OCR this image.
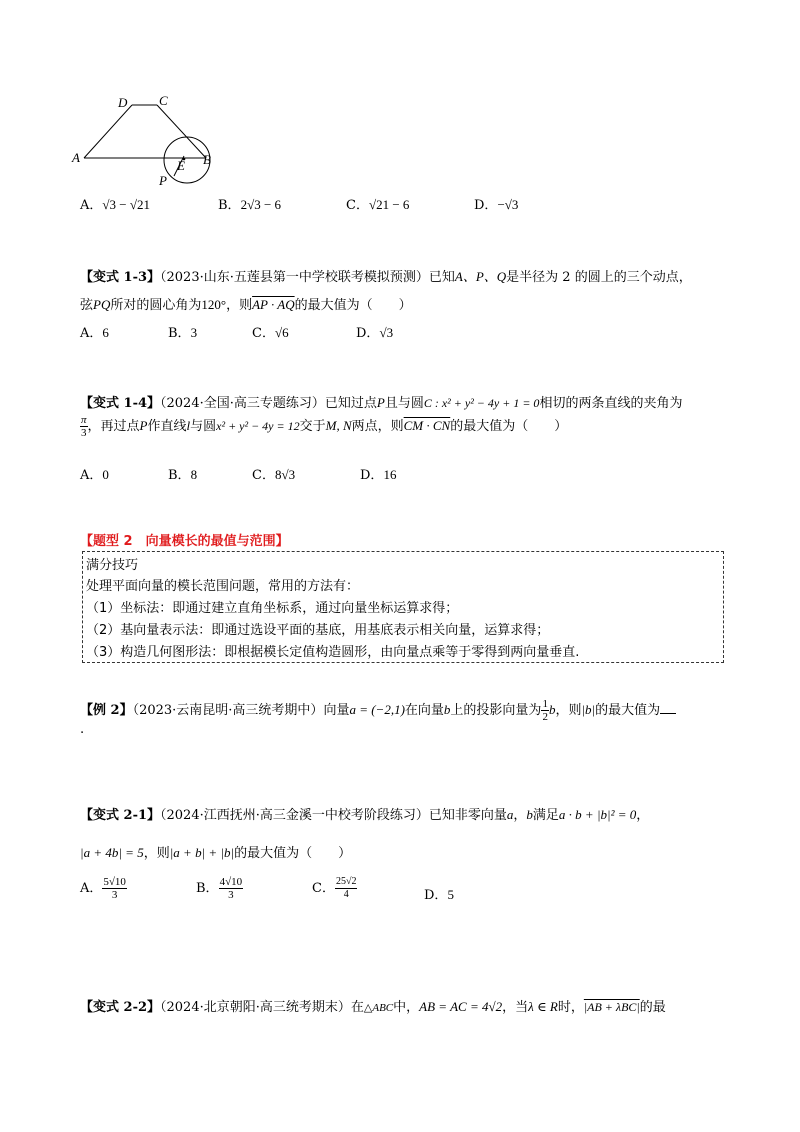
A
D C
B
E
P
A．√3 − √21	B．2√3 − 6	C．√21 − 6	D．−√3
【变式 1-3】（2023·山东·五莲县第一中学校联考模拟预测）已知A、P、Q是半径为 2 的圆上的三个动点，
弦PQ所对的圆心角为120°，则AP · AQ的最大值为（　　）
A．6	B．3	C．√6	D．√3
【变式 1-4】（2024·全国·高三专题练习）已知过点P且与圆C : x² + y² − 4y + 1 = 0相切的两条直线的夹角为
$\frac{\pi}{3}$ ，再过点P作直线l与圆x² + y² − 4y = 12交于M, N两点，则CM · CN的最大值为（　　）
A．0	B．8	C．8√3	D．16
【题型 2　向量模长的最值与范围】
满分技巧
处理平面向量的模长范围问题，常用的方法有：
（1）坐标法：即通过建立直角坐标系，通过向量坐标运算求得；
（2）基向量表示法：即通过选设平面的基底，用基底表示相关向量，运算求得；
（3）构造几何图形法：即根据模长定值构造圆形，由向量点乘等于零得到两向量垂直.
【例 2】（2023·云南昆明·高三统考期中）向量a = (−2,1)在向量b上的投影向量为 $\frac{1}{2}$ b，则|b|的最大值为
.
【变式 2-1】（2024·江西抚州·高三金溪一中校考阶段练习）已知非零向量a，b满足a · b + |b|² = 0，
|a + 4b| = 5，则|a + b| + |b|的最大值为（　　）
A． $\frac{5√10}{3}$	B． $\frac{4√10}{3}$	C． $\frac{25√2}{4}$	D．5
【变式 2-2】（2024·北京朝阳·高三统考期末）在△ABC中，AB = AC = 4√2，当λ ∈ R时，|AB + λBC|的最
